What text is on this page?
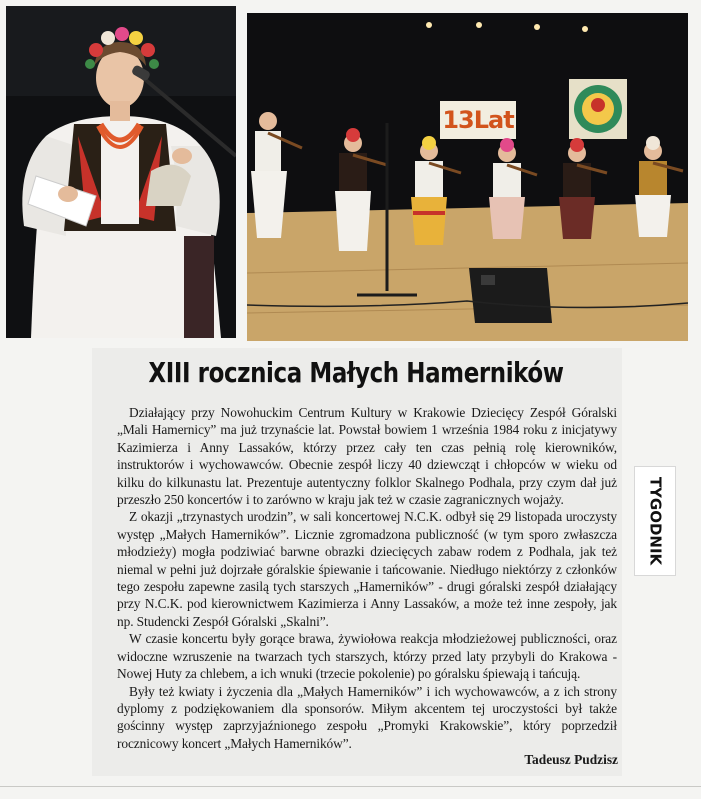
13Lat
XIII rocznica Małych Hamerników

Działający przy Nowohuckim Centrum Kultury w Krakowie Dziecięcy Zespół Góralski „Mali Hamernicy” ma już trzynaście lat. Powstał bowiem 1 września 1984 roku z inicjatywy Kazimierza i Anny Lassaków, którzy przez cały ten czas pełnią rolę kierowników, instruktorów i wychowawców. Obecnie zespół liczy 40 dziewcząt i chłopców w wieku od kilku do kilkunastu lat. Prezentuje autentyczny folklor Skalnego Podhala, przy czym dał już przeszło 250 koncertów i to zarówno w kraju jak też w czasie zagranicznych wojaży.

Z okazji „trzynastych urodzin”, w sali koncertowej N.C.K. odbył się 29 listopada uroczysty występ „Małych Hamerników”. Licznie zgromadzona publiczność (w tym sporo zwłaszcza młodzieży) mogła podziwiać barwne obrazki dziecięcych zabaw rodem z Podhala, jak też niemal w pełni już dojrzałe góralskie śpiewanie i tańcowanie. Niedługo niektórzy z członków tego zespołu zapewne zasilą tych starszych „Hamerników” - drugi góralski zespół działający przy N.C.K. pod kierownictwem Kazimierza i Anny Lassaków, a może też inne zespoły, jak np. Studencki Zespół Góralski „Skalni”.

W czasie koncertu były gorące brawa, żywiołowa reakcja młodzieżowej publiczności, oraz widoczne wzruszenie na twarzach tych starszych, którzy przed laty przybyli do Krakowa - Nowej Huty za chlebem, a ich wnuki (trzecie pokolenie) po góralsku śpiewają i tańcują.

Były też kwiaty i życzenia dla „Małych Hamerników” i ich wychowawców, a z ich strony dyplomy z podziękowaniem dla sponsorów. Miłym akcentem tej uroczystości był także gościnny występ zaprzyjaźnionego zespołu „Promyki Krakowskie”, który poprzedził rocznicowy koncert „Małych Hamerników”.

Tadeusz Pudzisz
TYGODNIK
